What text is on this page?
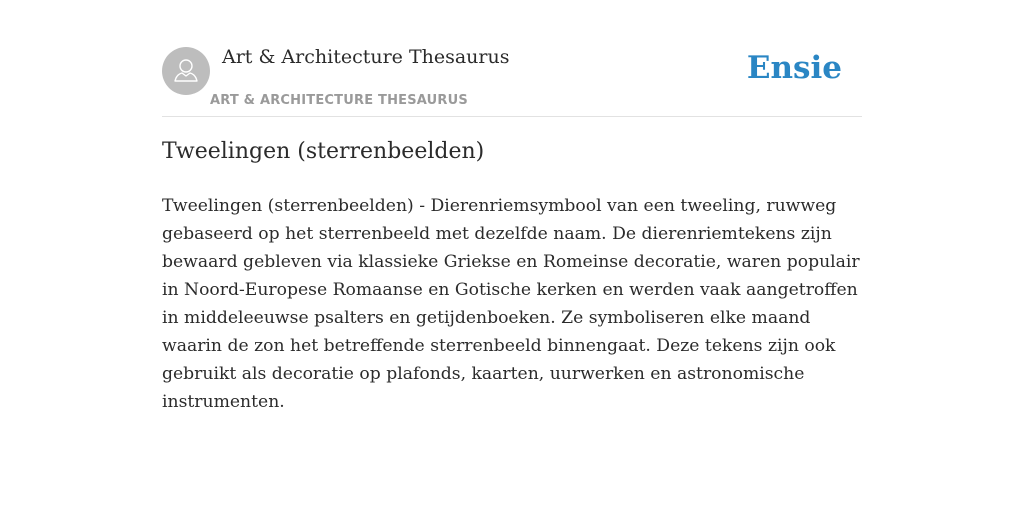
Art & Architecture Thesaurus
ART & ARCHITECTURE THESAURUS
Ensie
Tweelingen (sterrenbeelden)

Tweelingen (sterrenbeelden) - Dierenriemsymbool van een tweeling, ruwweg gebaseerd op het sterrenbeeld met dezelfde naam. De dierenriemtekens zijn bewaard gebleven via klassieke Griekse en Romeinse decoratie, waren populair in Noord-Europese Romaanse en Gotische kerken en werden vaak aangetroffen in middeleeuwse psalters en getijdenboeken. Ze symboliseren elke maand waarin de zon het betreffende sterrenbeeld binnengaat. Deze tekens zijn ook gebruikt als decoratie op plafonds, kaarten, uurwerken en astronomische instrumenten.
